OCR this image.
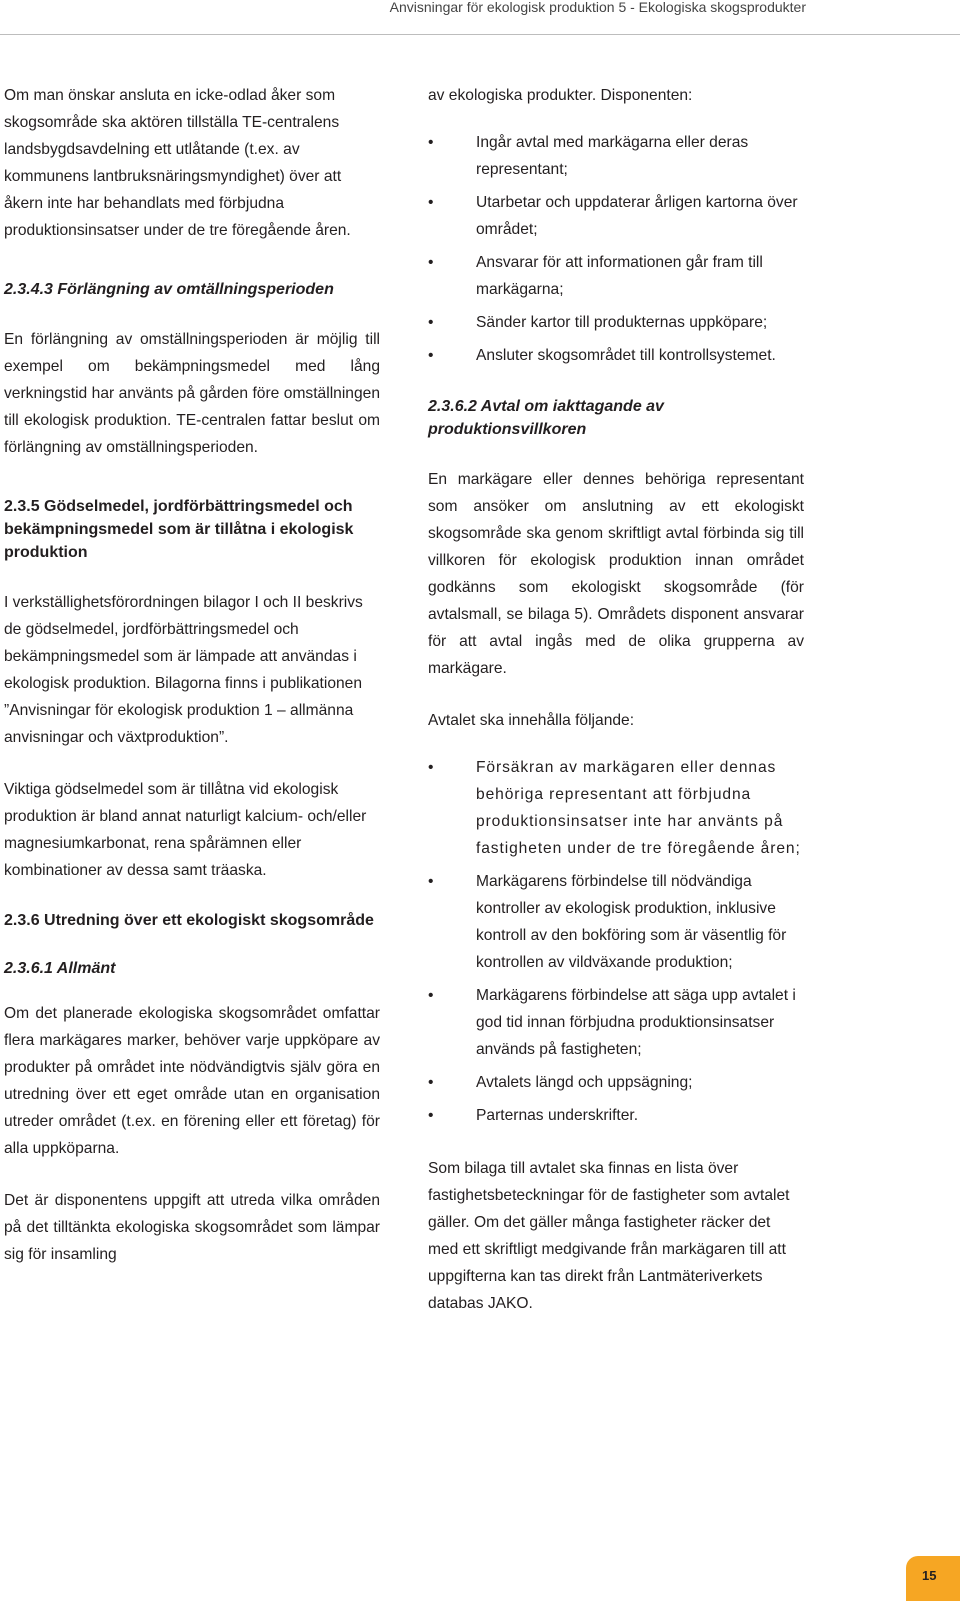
Anvisningar för ekologisk produktion 5 - Ekologiska skogsprodukter

Om man önskar ansluta en icke-odlad åker som skogsområde ska aktören tillställa TE-centralens landsbygdsavdelning ett utlåtande (t.ex. av kommunens lantbruksnäringsmyndighet) över att åkern inte har behandlats med förbjudna produktionsinsatser under de tre föregående åren.

2.3.4.3 Förlängning av omtällningsperioden

En förlängning av omställningsperioden är möjlig till exempel om bekämpningsmedel med lång verkningstid har använts på gården före omställningen till ekologisk produktion. TE-centralen fattar beslut om förlängning av omställningsperioden.

2.3.5 Gödselmedel, jordförbättringsmedel och bekämpningsmedel som är tillåtna i ekologisk produktion

I verkställighetsförordningen bilagor I och II beskrivs de gödselmedel, jordförbättringsmedel och bekämpningsmedel som är lämpade att användas i ekologisk produktion. Bilagorna finns i publikationen ”Anvisningar för ekologisk produktion 1 – allmänna anvisningar och växtproduktion”.

Viktiga gödselmedel som är tillåtna vid ekologisk produktion är bland annat naturligt kalcium- och/eller magnesiumkarbonat, rena spårämnen eller kombinationer av dessa samt träaska.

2.3.6 Utredning över ett ekologiskt skogsområde
2.3.6.1 Allmänt

Om det planerade ekologiska skogsområdet omfattar flera markägares marker, behöver varje uppköpare av produkter på området inte nödvändigtvis själv göra en utredning över ett eget område utan en organisation utreder området (t.ex. en förening eller ett företag) för alla uppköparna.

Det är disponentens uppgift att utreda vilka områden på det tilltänkta ekologiska skogsområdet som lämpar sig för insamling

av ekologiska produkter. Disponenten:

• Ingår avtal med markägarna eller deras representant;
• Utarbetar och uppdaterar årligen kartorna över området;
• Ansvarar för att informationen går fram till markägarna;
• Sänder kartor till produkternas uppköpare;
• Ansluter skogsområdet till kontrollsystemet.
2.3.6.2 Avtal om iakttagande av produktionsvillkoren

En markägare eller dennes behöriga representant som ansöker om anslutning av ett ekologiskt skogsområde ska genom skriftligt avtal förbinda sig till villkoren för ekologisk produktion innan området godkänns som ekologiskt skogsområde (för avtalsmall, se bilaga 5). Områdets disponent ansvarar för att avtal ingås med de olika grupperna av markägare.

Avtalet ska innehålla följande:

• Försäkran av markägaren eller dennas behöriga representant att förbjudna produktionsinsatser inte har använts på fastigheten under de tre föregående åren;
• Markägarens förbindelse till nödvändiga kontroller av ekologisk produktion, inklusive kontroll av den bokföring som är väsentlig för kontrollen av vildväxande produktion;
• Markägarens förbindelse att säga upp avtalet i god tid innan förbjudna produktionsinsatser används på fastigheten;
• Avtalets längd och uppsägning;
• Parternas underskrifter.

Som bilaga till avtalet ska finnas en lista över fastighetsbeteckningar för de fastigheter som avtalet gäller. Om det gäller många fastigheter räcker det med ett skriftligt medgivande från markägaren till att uppgifterna kan tas direkt från Lantmäteriverkets databas JAKO.

15
